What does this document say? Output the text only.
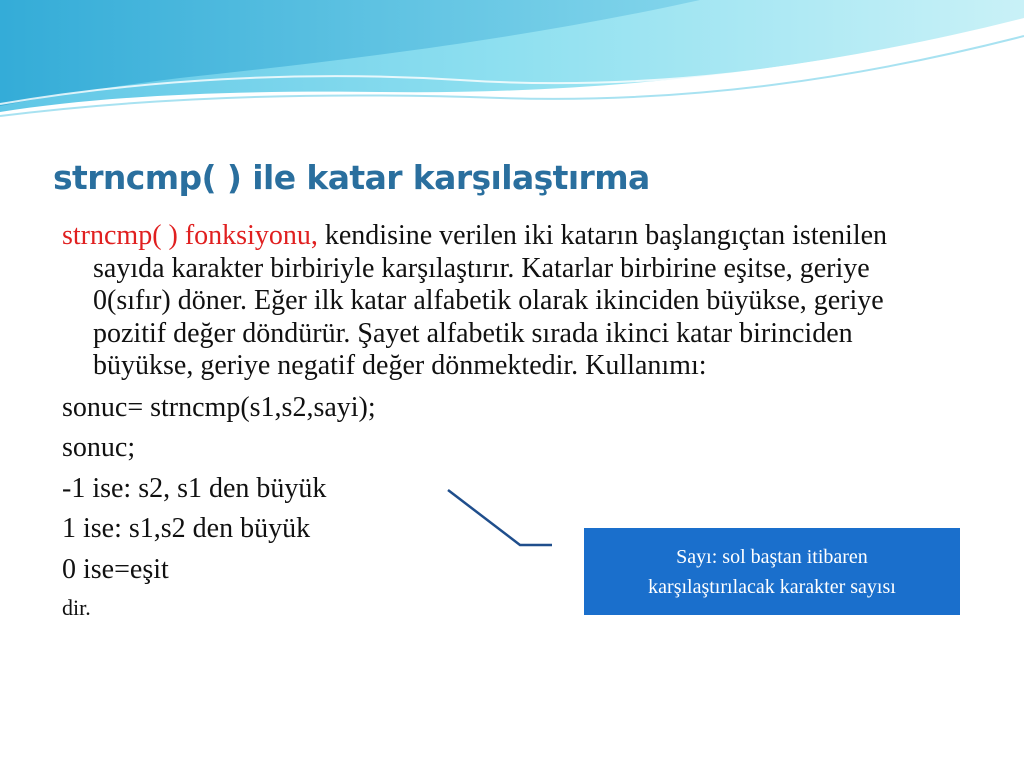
strncmp( ) ile katar karşılaştırma

strncmp( ) fonksiyonu, kendisine verilen iki katarın başlangıçtan istenilen sayıda karakter birbiriyle karşılaştırır. Katarlar birbirine eşitse, geriye 0(sıfır) döner. Eğer ilk katar alfabetik olarak ikinciden büyükse, geriye pozitif değer döndürür. Şayet alfabetik sırada ikinci katar birinciden büyükse, geriye negatif değer dönmektedir. Kullanımı:

sonuc= strncmp(s1,s2,sayi);

sonuc;

-1 ise: s2, s1 den büyük

1 ise: s1,s2 den büyük

0 ise=eşit

dir.

Sayı: sol baştan itibaren
karşılaştırılacak karakter sayısı
